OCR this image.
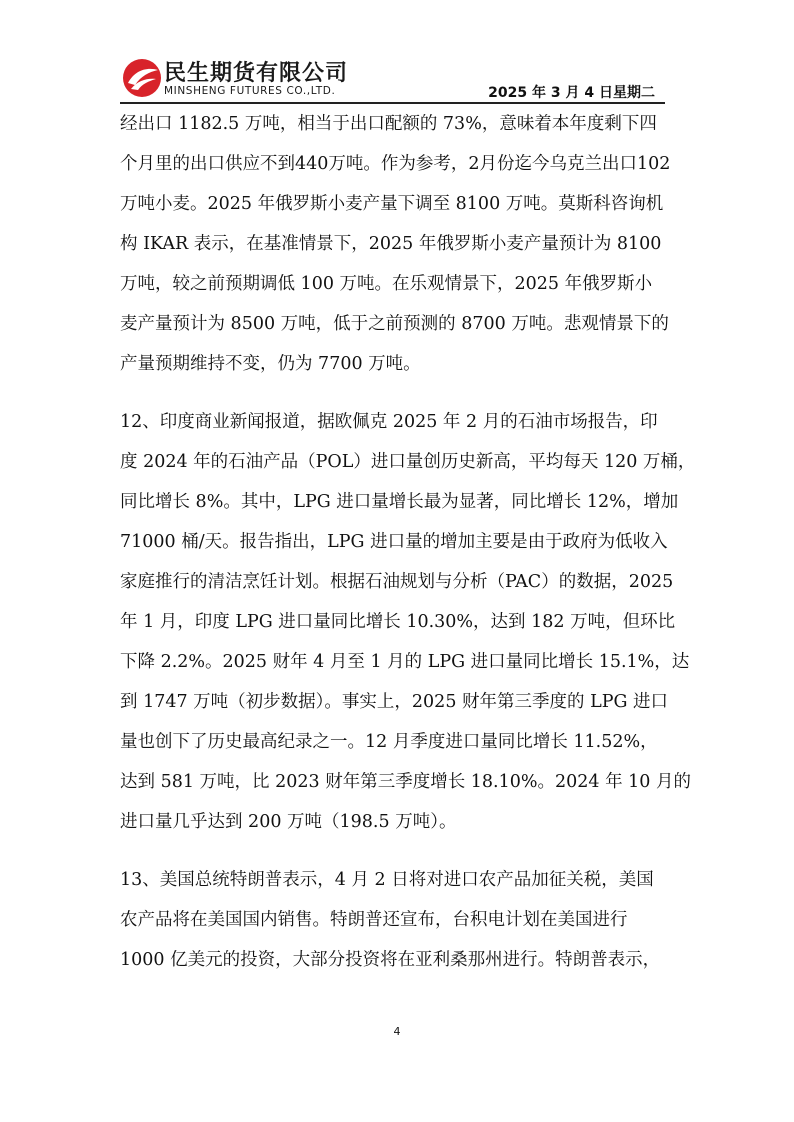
民生期货有限公司
MINSHENG FUTURES CO.,LTD.	2025 年 3 月 4 日星期二

经出口 1182.5 万吨，相当于出口配额的 73%，意味着本年度剩下四
个月里的出口供应不到440万吨。作为参考，2月份迄今乌克兰出口102
万吨小麦。2025 年俄罗斯小麦产量下调至 8100 万吨。莫斯科咨询机
构 IKAR 表示，在基准情景下，2025 年俄罗斯小麦产量预计为 8100
万吨，较之前预期调低 100 万吨。在乐观情景下，2025 年俄罗斯小
麦产量预计为 8500 万吨，低于之前预测的 8700 万吨。悲观情景下的
产量预期维持不变，仍为 7700 万吨。

12、印度商业新闻报道，据欧佩克 2025 年 2 月的石油市场报告，印
度 2024 年的石油产品（POL）进口量创历史新高，平均每天 120 万桶，
同比增长 8%。其中，LPG 进口量增长最为显著，同比增长 12%，增加
71000 桶/天。报告指出，LPG 进口量的增加主要是由于政府为低收入
家庭推行的清洁烹饪计划。根据石油规划与分析（PAC）的数据，2025
年 1 月，印度 LPG 进口量同比增长 10.30%，达到 182 万吨，但环比
下降 2.2%。2025 财年 4 月至 1 月的 LPG 进口量同比增长 15.1%，达
到 1747 万吨（初步数据）。事实上，2025 财年第三季度的 LPG 进口
量也创下了历史最高纪录之一。12 月季度进口量同比增长 11.52%，
达到 581 万吨，比 2023 财年第三季度增长 18.10%。2024 年 10 月的
进口量几乎达到 200 万吨（198.5 万吨）。

13、美国总统特朗普表示，4 月 2 日将对进口农产品加征关税，美国
农产品将在美国国内销售。特朗普还宣布，台积电计划在美国进行
1000 亿美元的投资，大部分投资将在亚利桑那州进行。特朗普表示，

4
